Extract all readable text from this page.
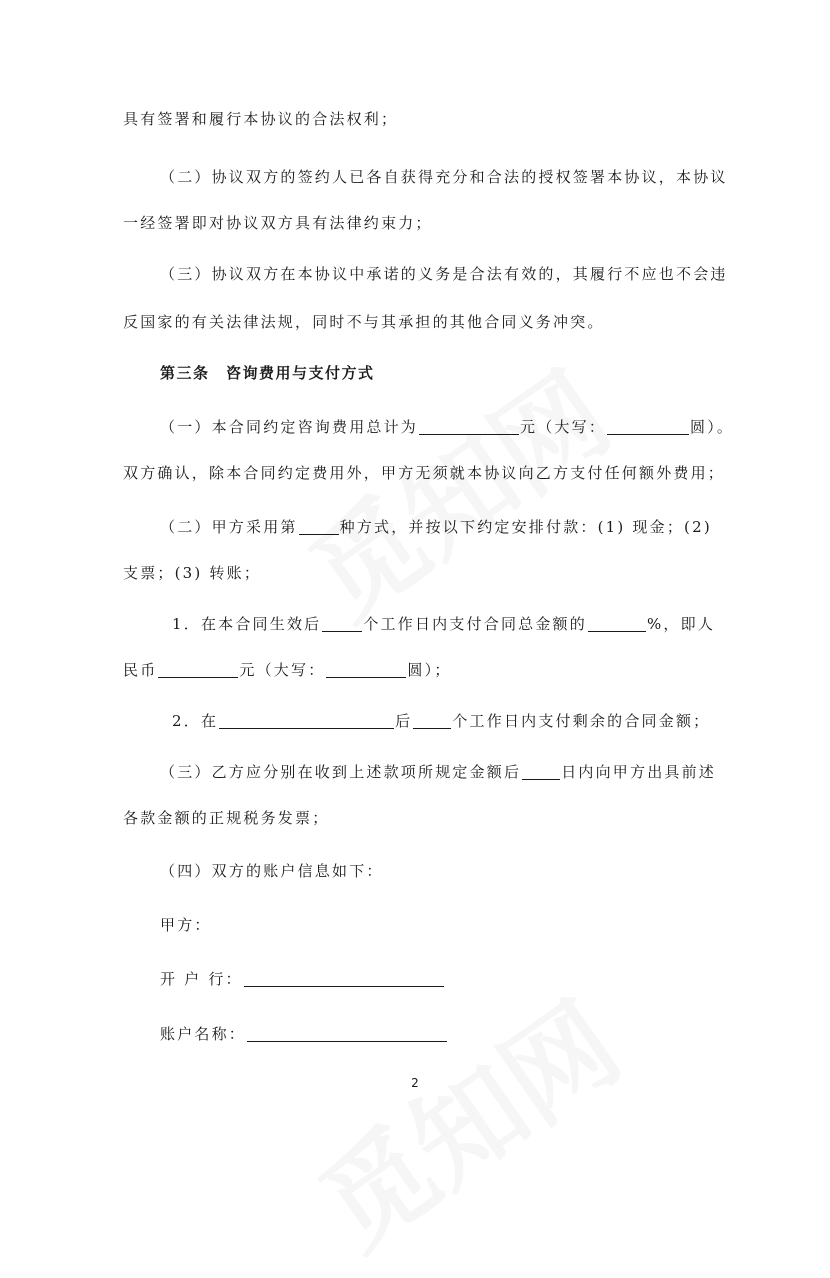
具有签署和履行本协议的合法权利；
（二）协议双方的签约人已各自获得充分和合法的授权签署本协议，本协议
一经签署即对协议双方具有法律约束力；
（三）协议双方在本协议中承诺的义务是合法有效的，其履行不应也不会违
反国家的有关法律法规，同时不与其承担的其他合同义务冲突。
第三条　咨询费用与支付方式
（一）本合同约定咨询费用总计为	元（大写：	圆）。
双方确认，除本合同约定费用外，甲方无须就本协议向乙方支付任何额外费用；
（二）甲方采用第	种方式，并按以下约定安排付款：(1) 现金；(2)
支票；(3) 转账；
1．在本合同生效后	个工作日内支付合同总金额的	%，即人
民币	元（大写：	圆）；
2．在	后	个工作日内支付剩余的合同金额；
（三）乙方应分别在收到上述款项所规定金额后	日内向甲方出具前述
各款金额的正规税务发票；
（四）双方的账户信息如下：
甲方：
开 户 行：
账户名称：
2
